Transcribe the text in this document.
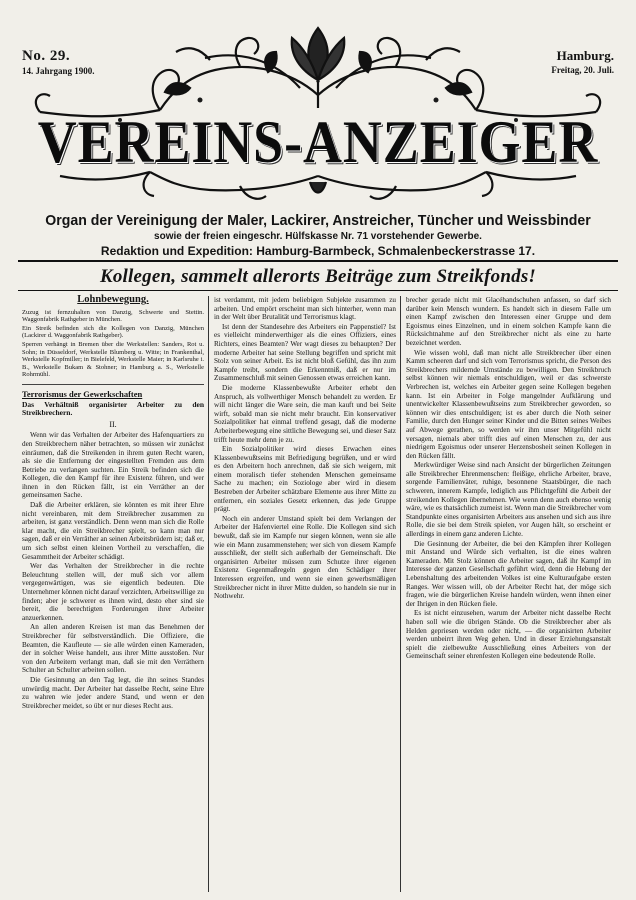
No. 29.
14. Jahrgang 1900.
Hamburg.
Freitag, 20. Juli.
VEREINS-ANZEIGER
Organ der Vereinigung der Maler, Lackirer, Anstreicher, Tüncher und Weissbinder
sowie der freien eingeschr. Hülfskasse Nr. 71 vorstehender Gewerbe.
Redaktion und Expedition: Hamburg-Barmbeck, Schmalenbeckerstrasse 17.
Kollegen, sammelt allerorts Beiträge zum Streikfonds!
Lohnbewegung.

Zuzug ist fernzuhalten von Danzig, Schwerte und Stettin. Waggonfabrik Rathgeber in München.

Ein Streik befinden sich die Kollegen von Danzig, München (Lackirer d. Waggonfabrik Rathgeber).

Sperren verhängt in Bremen über die Werkstellen: Sanders, Rot u. Sohn; in Düsseldorf, Werkstelle Blumberg u. Witte; in Frankenthal, Werkstelle Kopfmiller; in Bielefeld, Werkstelle Maier; in Karlsruhe i. B., Werkstelle Bukam & Stohner; in Hamburg a. S., Werkstelle Rohrmühl.

Terrorismus der Gewerkschaften
Das Verhältniß organisirter Arbeiter zu den Streikbrechern.
II.

Wenn wir das Verhalten der Arbeiter des Hafenquartiers zu den Streikbrechern näher betrachten, so müssen wir zunächst einräumen, daß die Streikenden in ihrem guten Recht waren, als sie die Entfernung der eingestellten Fremden aus dem Betriebe zu verlangen suchten. Ein Streik befinden sich die Kollegen, die den Kampf für ihre Existenz führen, und wer ihnen in den Rücken fällt, ist ein Verräther an der gemeinsamen Sache.

Daß die Arbeiter erklären, sie könnten es mit ihrer Ehre nicht vereinbaren, mit dem Streikbrecher zusammen zu arbeiten, ist ganz verständlich. Denn wenn man sich die Rolle klar macht, die ein Streikbrecher spielt, so kann man nur sagen, daß er ein Verräther an seinen Arbeitsbrüdern ist; daß er, um sich selbst einen kleinen Vortheil zu verschaffen, die Gesammtheit der Arbeiter schädigt.

Wer das Verhalten der Streikbrecher in die rechte Beleuchtung stellen will, der muß sich vor allem vergegenwärtigen, was sie eigentlich bedeuten. Die Unternehmer können nicht darauf verzichten, Arbeitswillige zu finden; aber je schwerer es ihnen wird, desto eher sind sie bereit, die berechtigten Forderungen ihrer Arbeiter anzuerkennen.

An allen anderen Kreisen ist man das Benehmen der Streikbrecher für selbstverständlich. Die Offiziere, die Beamten, die Kaufleute — sie alle würden einen Kameraden, der in solcher Weise handelt, aus ihrer Mitte ausstoßen. Nur von den Arbeitern verlangt man, daß sie mit den Verräthern Schulter an Schulter arbeiten sollen.

Die Gesinnung an den Tag legt, die ihn seines Standes unwürdig macht. Der Arbeiter hat dasselbe Recht, seine Ehre zu wahren wie jeder andere Stand, und wenn er den Streikbrecher meidet, so übt er nur dieses Recht aus.

ist verdammt, mit jedem beliebigen Subjekte zusammen zu arbeiten. Und empört erscheint man sich hinterher, wenn man in der Welt über Brutalität und Terrorismus klagt.

Ist denn der Standesehre des Arbeiters ein Pappenstiel? Ist es vielleicht minderwerthiger als die eines Offiziers, eines Richters, eines Beamten? Wer wagt dieses zu behaupten? Der moderne Arbeiter hat seine Stellung begriffen und spricht mit Stolz von seiner Arbeit. Es ist nicht bloß Gefühl, das ihn zum Kampfe treibt, sondern die Erkenntniß, daß er nur im Zusammenschluß mit seinen Genossen etwas erreichen kann.

Die moderne Klassenbewußte Arbeiter erhebt den Anspruch, als vollwerthiger Mensch behandelt zu werden. Er will nicht länger die Ware sein, die man kauft und bei Seite wirft, sobald man sie nicht mehr braucht. Ein konservativer Sozialpolitiker hat einmal treffend gesagt, daß die moderne Arbeiterbewegung eine sittliche Bewegung sei, und dieser Satz trifft heute mehr denn je zu.

Ein Sozialpolitiker wird dieses Erwachen eines Klassenbewußtseins mit Befriedigung begrüßen, und er wird es den Arbeitern hoch anrechnen, daß sie sich weigern, mit einem moralisch tiefer stehenden Menschen gemeinsame Sache zu machen; ein Soziologe aber wird in diesem Bestreben der Arbeiter schätzbare Elemente aus ihrer Mitte zu entfernen, ein soziales Gesetz erkennen, das jede Gruppe prägt.

Noch ein anderer Umstand spielt bei dem Verlangen der Arbeiter der Hafenviertel eine Rolle. Die Kollegen sind sich bewußt, daß sie im Kampfe nur siegen können, wenn sie alle wie ein Mann zusammenstehen; wer sich von diesem Kampfe ausschließt, der stellt sich außerhalb der Gemeinschaft. Die organisirten Arbeiter müssen zum Schutze ihrer eigenen Existenz Gegenmaßregeln gegen den Schädiger ihrer Interessen ergreifen, und wenn sie einen gewerbsmäßigen Streikbrecher nicht in ihrer Mitte dulden, so handeln sie nur in Nothwehr.

brecher gerade nicht mit Glacéhandschuhen anfassen, so darf sich darüber kein Mensch wundern. Es handelt sich in diesem Falle um einen Kampf zwischen den Interessen einer Gruppe und dem Egoismus eines Einzelnen, und in einem solchen Kampfe kann die Rücksichtnahme auf den Streikbrecher nicht als eine zu harte bezeichnet werden.

Wie wissen wohl, daß man nicht alle Streikbrecher über einen Kamm scheeren darf und sich vom Terrorismus spricht, die Person des Streikbrechers mildernde Umstände zu bewilligen. Den Streikbruch selbst können wir niemals entschuldigen, weil er das schwerste Verbrechen ist, welches ein Arbeiter gegen seine Kollegen begehen kann. Ist ein Arbeiter in Folge mangelnder Aufklärung und unentwickelter Klassenbewußtseins zum Streikbrecher geworden, so können wir dies entschuldigen; ist es aber durch die Noth seiner Familie, durch den Hunger seiner Kinder und die Bitten seines Weibes auf Abwege gerathen, so werden wir ihm unser Mitgefühl nicht versagen, niemals aber trifft dies auf einen Menschen zu, der aus niedrigem Egoismus oder unserer Herzensbosheit seinen Kollegen in den Rücken fällt.

Merkwürdiger Weise sind nach Ansicht der bürgerlichen Zeitungen alle Streikbrecher Ehrenmenschen: fleißige, ehrliche Arbeiter, brave, sorgende Familienväter, ruhige, besonnene Staatsbürger, die nach schweren, innerem Kampfe, lediglich aus Pflichtgefühl die Arbeit der streikenden Kollegen übernehmen. Wie wenn denn auch ebenso wenig wäre, wie es thatsächlich zumeist ist. Wenn man die Streikbrecher vom Standpunkte eines organisirten Arbeiters aus ansehen und sich aus ihre Rolle, die sie bei dem Streik spielen, vor Augen hält, so erscheint er allerdings in einem ganz anderen Lichte.

Die Gesinnung der Arbeiter, die bei den Kämpfen ihrer Kollegen mit Anstand und Würde sich verhalten, ist die eines wahren Kameraden. Mit Stolz können die Arbeiter sagen, daß ihr Kampf im Interesse der ganzen Gesellschaft geführt wird, denn die Hebung der Lebenshaltung des arbeitenden Volkes ist eine Kulturaufgabe ersten Ranges. Wer wissen will, ob der Arbeiter Recht hat, der möge sich fragen, wie die bürgerlichen Kreise handeln würden, wenn ihnen einer der Ihrigen in den Rücken fiele.

Es ist nicht einzusehen, warum der Arbeiter nicht dasselbe Recht haben soll wie die übrigen Stände. Ob die Streikbrecher aber als Helden gepriesen werden oder nicht, — die organisirten Arbeiter werden unbeirrt ihren Weg gehen. Und in dieser Erziehungsanstalt spielt die zielbewußte Ausschließung eines Arbeiters von der Gemeinschaft seiner ehrenfesten Kollegen eine bedeutende Rolle.
